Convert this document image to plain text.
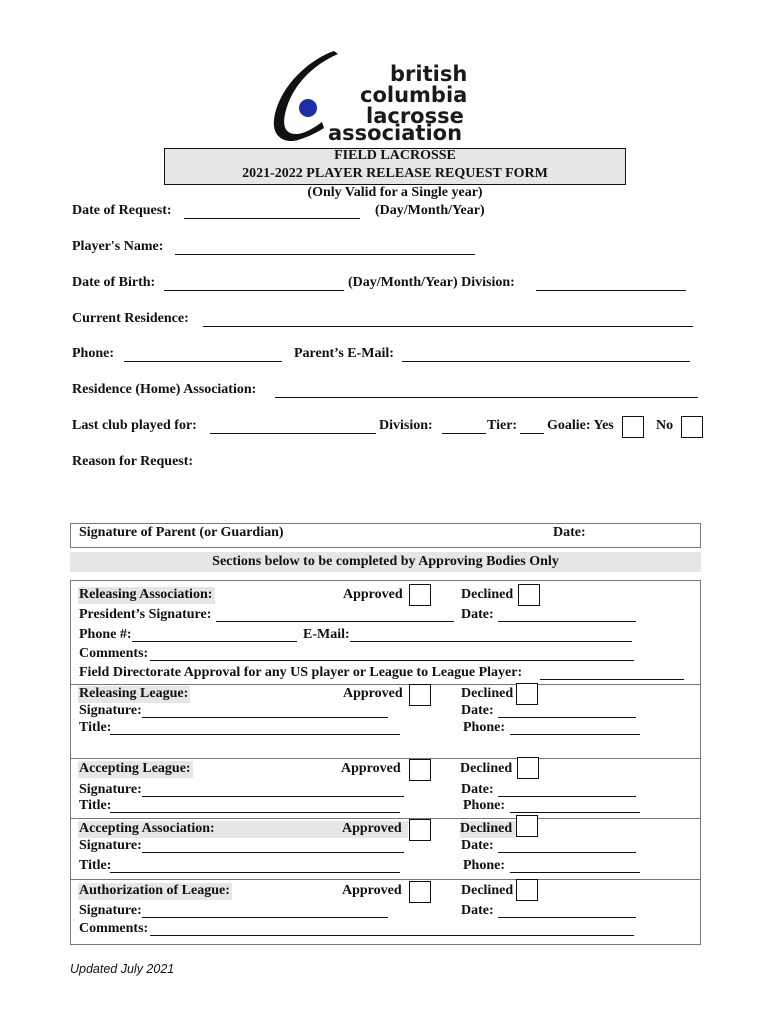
british
columbia
lacrosse
association
FIELD LACROSSE
2021-2022 PLAYER RELEASE REQUEST FORM
(Only Valid for a Single year)
Date of Request:	(Day/Month/Year)
Player's Name:
Date of Birth:	(Day/Month/Year) Division:
Current Residence:
Phone:	Parent’s E-Mail:
Residence (Home) Association:
Last club played for:	Division:	Tier: Goalie: Yes	No
Reason for Request:
Signature of Parent (or Guardian)	Date:
Sections below to be completed by Approving Bodies Only
Releasing Association:	Approved	Declined
President’s Signature:	Date:
Phone #:	E-Mail:
Comments:
Field Directorate Approval for any US player or League to League Player:
Releasing League:	Approved	Declined
Signature:	Date:
Title:	Phone:
Accepting League:	Approved	Declined
Signature:	Date:
Title:	Phone:
Accepting Association:	Approved	Declined
Signature:	Date:
Title:	Phone:
Authorization of League:	Approved	Declined
Signature:	Date:
Comments:
Updated July 2021
